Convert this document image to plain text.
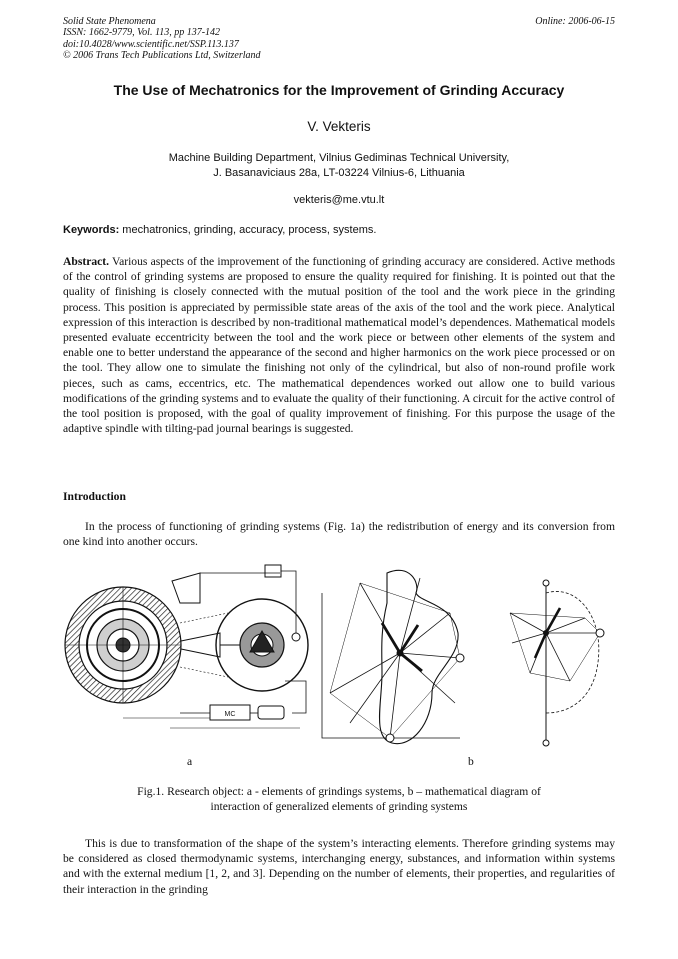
Solid State Phenomena
ISSN: 1662-9779, Vol. 113, pp 137-142
doi:10.4028/www.scientific.net/SSP.113.137
© 2006 Trans Tech Publications Ltd, Switzerland
Online: 2006-06-15
The Use of Mechatronics for the Improvement of Grinding Accuracy
V. Vekteris
Machine Building Department, Vilnius Gediminas Technical University,
J. Basanaviciaus 28a, LT-03224 Vilnius-6, Lithuania
vekteris@me.vtu.lt
Keywords: mechatronics, grinding, accuracy, process, systems.
Abstract. Various aspects of the improvement of the functioning of grinding accuracy are considered. Active methods of the control of grinding systems are proposed to ensure the quality required for finishing. It is pointed out that the quality of finishing is closely connected with the mutual position of the tool and the work piece in the grinding process. This position is appreciated by permissible state areas of the axis of the tool and the work piece. Analytical expression of this interaction is described by non-traditional mathematical model’s dependences. Mathematical models presented evaluate eccentricity between the tool and the work piece or between other elements of the system and enable one to better understand the appearance of the second and higher harmonics on the work piece processed or on the tool. They allow one to simulate the finishing not only of the cylindrical, but also of non-round profile work pieces, such as cams, eccentrics, etc. The mathematical dependences worked out allow one to build various modifications of the grinding systems and to evaluate the quality of their functioning. A circuit for the active control of the tool position is proposed, with the goal of quality improvement of finishing. For this purpose the usage of the adaptive spindle with tilting-pad journal bearings is suggested.
Introduction
In the process of functioning of grinding systems (Fig. 1a) the redistribution of energy and its conversion from one kind into another occurs.
MC
a	b
Fig.1. Research object: a - elements of grindings systems, b – mathematical diagram of
interaction of generalized elements of grinding systems
This is due to transformation of the shape of the system’s interacting elements. Therefore grinding systems may be considered as closed thermodynamic systems, interchanging energy, substances, and information within systems and with the external medium [1, 2, and 3]. Depending on the number of elements, their properties, and regularities of their interaction in the grinding
